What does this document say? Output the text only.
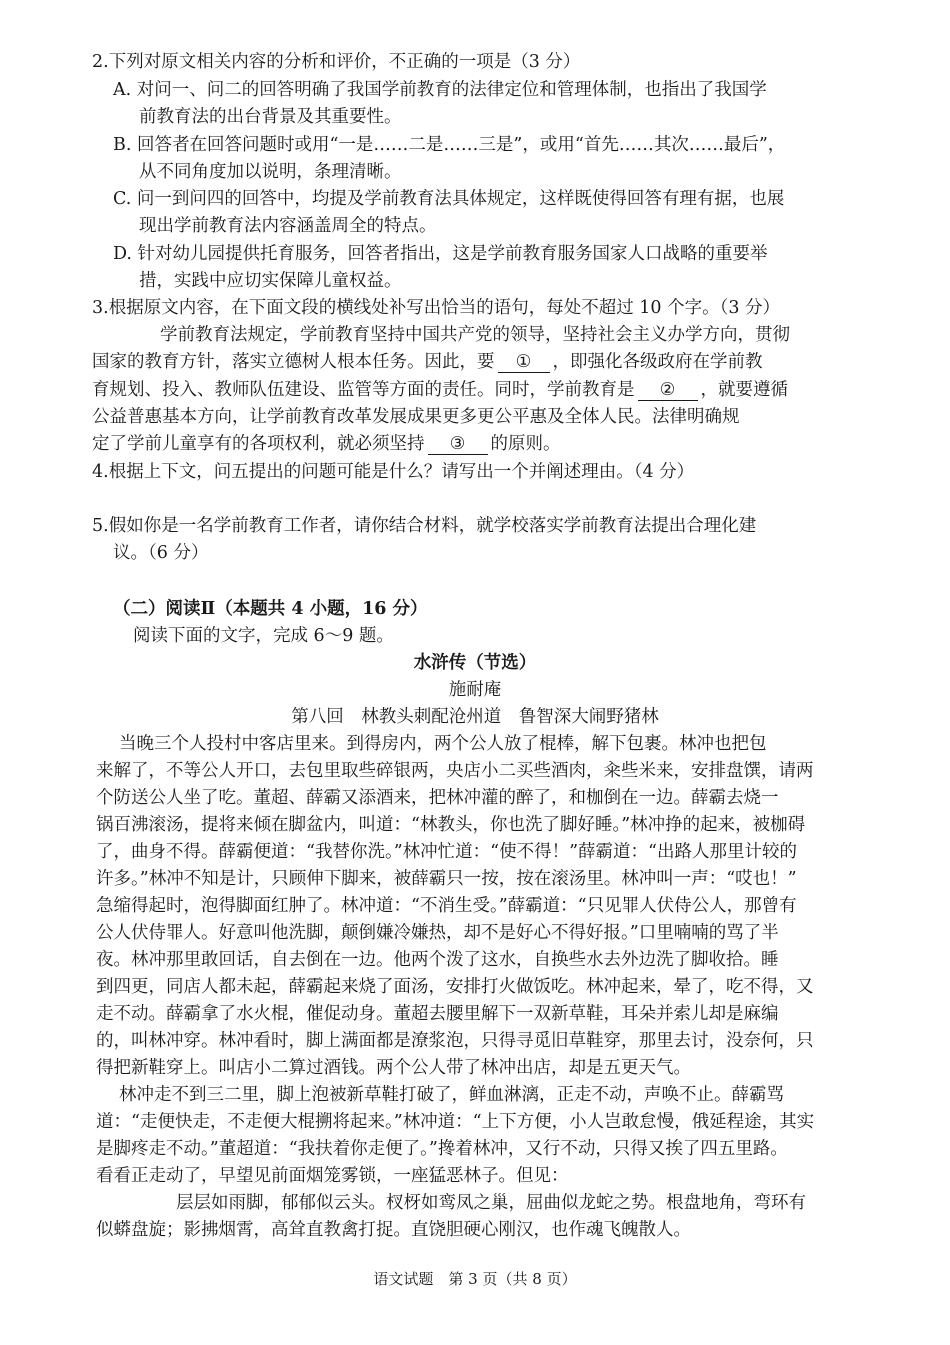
2.下列对原文相关内容的分析和评价，不正确的一项是（3 分）
A. 对问一、问二的回答明确了我国学前教育的法律定位和管理体制，也指出了我国学
前教育法的出台背景及其重要性。
B. 回答者在回答问题时或用“一是……二是……三是”，或用“首先……其次……最后”，
从不同角度加以说明，条理清晰。
C. 问一到问四的回答中，均提及学前教育法具体规定，这样既使得回答有理有据，也展
现出学前教育法内容涵盖周全的特点。
D. 针对幼儿园提供托育服务，回答者指出，这是学前教育服务国家人口战略的重要举
措，实践中应切实保障儿童权益。
3.根据原文内容，在下面文段的横线处补写出恰当的语句，每处不超过 10 个字。（3 分）
学前教育法规定，学前教育坚持中国共产党的领导，坚持社会主义办学方向，贯彻
国家的教育方针，落实立德树人根本任务。因此，要 ① ，即强化各级政府在学前教
育规划、投入、教师队伍建设、监管等方面的责任。同时，学前教育是 ② ，就要遵循
公益普惠基本方向，让学前教育改革发展成果更多更公平惠及全体人民。法律明确规
定了学前儿童享有的各项权利，就必须坚持 ③ 的原则。
4.根据上下文，问五提出的问题可能是什么？请写出一个并阐述理由。（4 分）
5.假如你是一名学前教育工作者，请你结合材料，就学校落实学前教育法提出合理化建
议。（6 分）
（二）阅读Ⅱ（本题共 4 小题，16 分）
阅读下面的文字，完成 6～9 题。
水浒传（节选）
施耐庵
第八回　林教头刺配沧州道　鲁智深大闹野猪林
当晚三个人投村中客店里来。到得房内，两个公人放了棍棒，解下包裹。林冲也把包
来解了，不等公人开口，去包里取些碎银两，央店小二买些酒肉，籴些米来，安排盘馔，请两
个防送公人坐了吃。董超、薛霸又添酒来，把林冲灌的醉了，和枷倒在一边。薛霸去烧一
锅百沸滚汤，提将来倾在脚盆内，叫道：“林教头，你也洗了脚好睡。”林冲挣的起来，被枷碍
了，曲身不得。薛霸便道：“我替你洗。”林冲忙道：“使不得！”薛霸道：“出路人那里计较的
许多。”林冲不知是计，只顾伸下脚来，被薛霸只一按，按在滚汤里。林冲叫一声：“哎也！”
急缩得起时，泡得脚面红肿了。林冲道：“不消生受。”薛霸道：“只见罪人伏侍公人，那曾有
公人伏侍罪人。好意叫他洗脚，颠倒嫌冷嫌热，却不是好心不得好报。”口里喃喃的骂了半
夜。林冲那里敢回话，自去倒在一边。他两个泼了这水，自换些水去外边洗了脚收拾。睡
到四更，同店人都未起，薛霸起来烧了面汤，安排打火做饭吃。林冲起来，晕了，吃不得，又
走不动。薛霸拿了水火棍，催促动身。董超去腰里解下一双新草鞋，耳朵并索儿却是麻编
的，叫林冲穿。林冲看时，脚上满面都是潦浆泡，只得寻觅旧草鞋穿，那里去讨，没奈何，只
得把新鞋穿上。叫店小二算过酒钱。两个公人带了林冲出店，却是五更天气。
林冲走不到三二里，脚上泡被新草鞋打破了，鲜血淋漓，正走不动，声唤不止。薛霸骂
道：“走便快走，不走便大棍搠将起来。”林冲道：“上下方便，小人岂敢怠慢，俄延程途，其实
是脚疼走不动。”董超道：“我扶着你走便了。”搀着林冲，又行不动，只得又挨了四五里路。
看看正走动了，早望见前面烟笼雾锁，一座猛恶林子。但见：
层层如雨脚，郁郁似云头。杈枒如鸾凤之巢，屈曲似龙蛇之势。根盘地角，弯环有
似蟒盘旋；影拂烟霄，高耸直教禽打捉。直饶胆硬心刚汉，也作魂飞魄散人。
语文试题　第 3 页（共 8 页）
